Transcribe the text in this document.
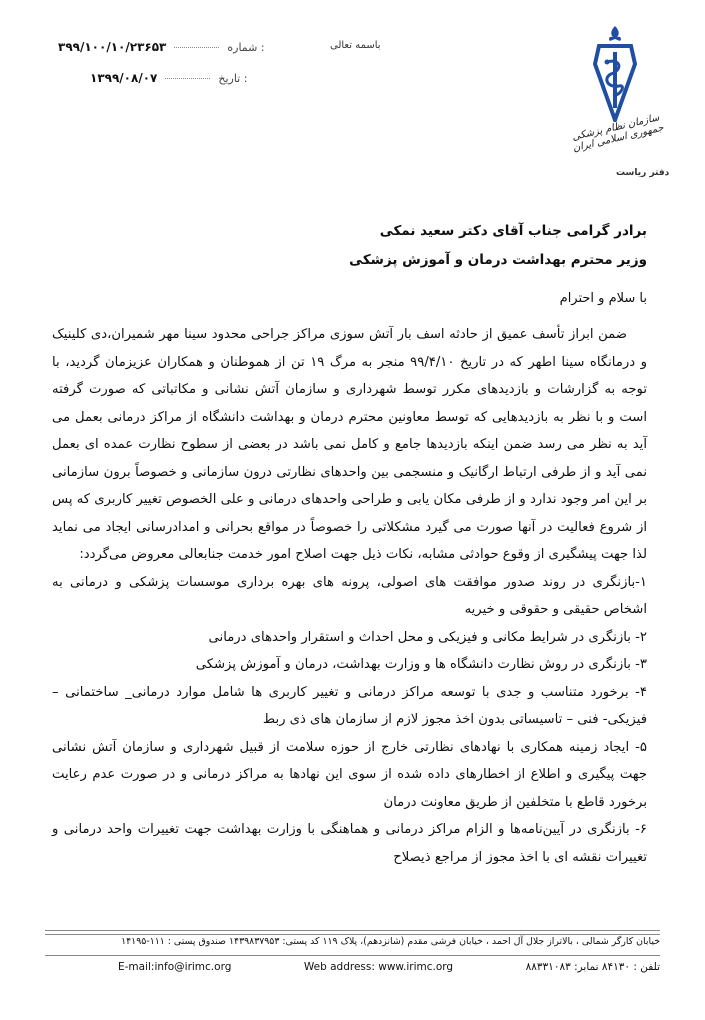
۳۹۹/۱۰۰/۱۰/۲۳۶۵۳	شماره :
۱۳۹۹/۰۸/۰۷	تاریخ :
باسمه تعالی
سازمان نظام پزشکی جمهوری اسلامی ایران
دفتر ریاست
برادر گرامی جناب آقای دکتر سعید نمکی
وزیر محترم بهداشت درمان و آموزش پزشکی
با سلام و احترام

ضمن ابراز تأسف عمیق از حادثه اسف بار آتش سوزی مراکز جراحی محدود سینا مهر شمیران،دی کلینیک و درمانگاه سینا اطهر که در تاریخ ۹۹/۴/۱۰ منجر به مرگ ۱۹ تن از هموطنان و همکاران عزیزمان گردید، با توجه به گزارشات و بازدیدهای مکرر توسط شهرداری و سازمان آتش نشانی و مکاتباتی که صورت گرفته است و با نظر به بازدیدهایی که توسط معاونین محترم درمان و بهداشت دانشگاه از مراکز درمانی بعمل می آید به نظر می رسد ضمن اینکه بازدیدها جامع و کامل نمی باشد در بعضی از سطوح نظارت عمده ای بعمل نمی آید و از طرفی ارتباط ارگانیک و منسجمی بین واحدهای نظارتی درون سازمانی و خصوصاً برون سازمانی بر این امر وجود ندارد و از طرفی مکان یابی و طراحی واحدهای درمانی و علی الخصوص تغییر کاربری که پس از شروع فعالیت در آنها صورت می گیرد مشکلاتی را خصوصاً در مواقع بحرانی و امدادرسانی ایجاد می نماید لذا جهت پیشگیری از وقوع حوادثی مشابه، نکات ذیل جهت اصلاح امور خدمت جنابعالی معروض می‌گردد:

۱-بازنگری در روند صدور موافقت های اصولی، پرونه های بهره برداری موسسات پزشکی و درمانی به اشخاص حقیقی و حقوقی و خیریه

۲- بازنگری در شرایط مکانی و فیزیکی و محل احداث و استقرار واحدهای درمانی

۳- بازنگری در روش نظارت دانشگاه ها و وزارت بهداشت، درمان و آموزش پزشکی

۴- برخورد متناسب و جدی با توسعه مراکز درمانی و تغییر کاربری ها شامل موارد درمانی_ ساختمانی –فیزیکی- فنی – تاسیساتی بدون اخذ مجوز لازم از سازمان های ذی ربط

۵- ایجاد زمینه همکاری با نهادهای نظارتی خارج از حوزه سلامت از قبیل شهرداری و سازمان آتش نشانی جهت پیگیری و اطلاع از اخطارهای داده شده از سوی این نهادها به مراکز درمانی و در صورت عدم رعایت برخورد قاطع با متخلفین از طریق معاونت درمان

۶- بازنگری در آیین‌نامه‌ها و الزام مراکز درمانی و هماهنگی با وزارت بهداشت جهت تغییرات واحد درمانی و تغییرات نقشه ای با اخذ مجوز از مراجع ذیصلاح

خیابان کارگر شمالی ، بالاتراز جلال آل احمد ، خیابان فرشی مقدم (شانزدهم)، پلاک ۱۱۹ کد پستی: ۱۴۳۹۸۳۷۹۵۳ صندوق پستی : ۱۱۱-۱۴۱۹۵
E-mail:info@irimc.org	Web address: www.irimc.org	تلفن : ۸۴۱۳۰ نمابر: ۸۸۳۳۱۰۸۳
